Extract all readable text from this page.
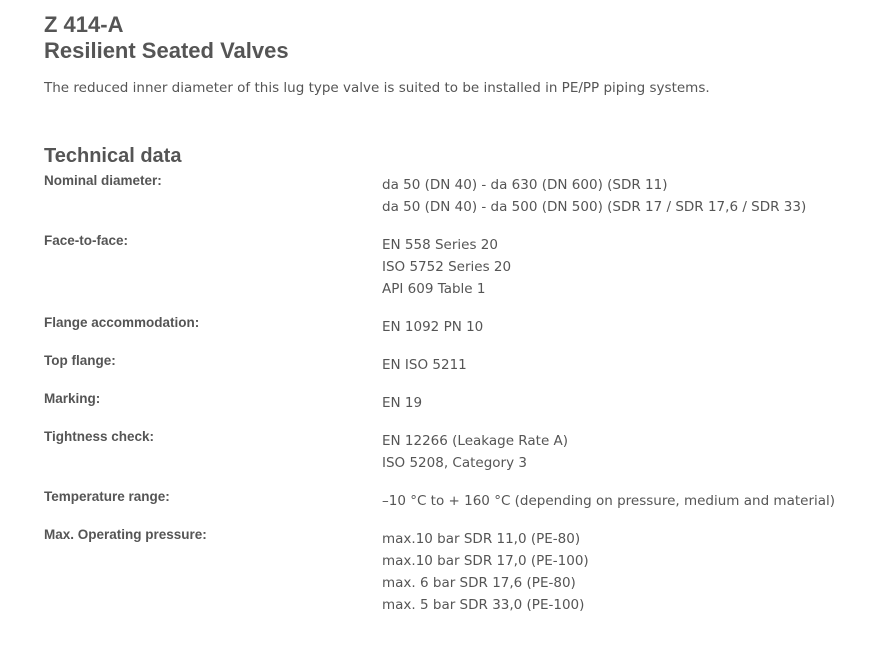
Z 414-A
Resilient Seated Valves

The reduced inner diameter of this lug type valve is suited to be installed in PE/PP piping systems.

Technical data
Nominal diameter:	da 50 (DN 40) - da 630 (DN 600) (SDR 11)
da 50 (DN 40) - da 500 (DN 500) (SDR 17 / SDR 17,6 / SDR 33)
Face-to-face:	EN 558 Series 20
ISO 5752 Series 20
API 609 Table 1
Flange accommodation:	EN 1092 PN 10
Top flange:	EN ISO 5211
Marking:	EN 19
Tightness check:	EN 12266 (Leakage Rate A)
ISO 5208, Category 3
Temperature range:	–10 °C to + 160 °C (depending on pressure, medium and material)
Max. Operating pressure:	max.10 bar SDR 11,0 (PE-80)
max.10 bar SDR 17,0 (PE-100)
max. 6 bar SDR 17,6 (PE-80)
max. 5 bar SDR 33,0 (PE-100)
